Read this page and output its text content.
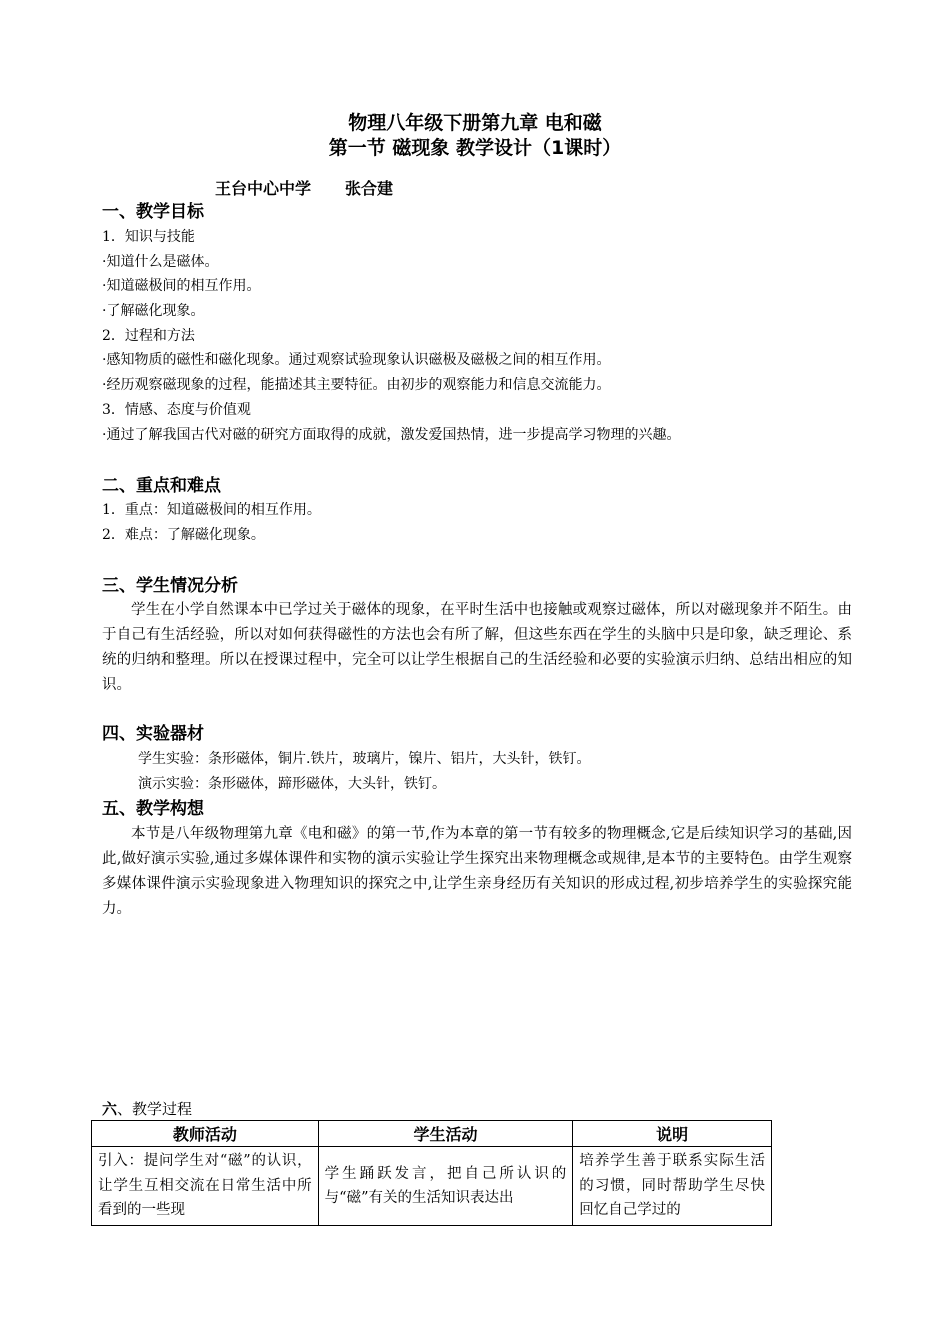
物理八年级下册第九章 电和磁
第一节 磁现象 教学设计（1课时）
王台中心中学 张合建
一、教学目标
1．知识与技能
·知道什么是磁体。
·知道磁极间的相互作用。
·了解磁化现象。
2．过程和方法
·感知物质的磁性和磁化现象。通过观察试验现象认识磁极及磁极之间的相互作用。
·经历观察磁现象的过程，能描述其主要特征。由初步的观察能力和信息交流能力。
3．情感、态度与价值观
·通过了解我国古代对磁的研究方面取得的成就，激发爱国热情，进一步提高学习物理的兴趣。
二、重点和难点
1．重点：知道磁极间的相互作用。
2．难点：了解磁化现象。
三、学生情况分析
学生在小学自然课本中已学过关于磁体的现象，在平时生活中也接触或观察过磁体，所以对磁现象并不陌生。由于自己有生活经验，所以对如何获得磁性的方法也会有所了解，但这些东西在学生的头脑中只是印象，缺乏理论、系统的归纳和整理。所以在授课过程中，完全可以让学生根据自己的生活经验和必要的实验演示归纳、总结出相应的知识。
四、实验器材
学生实验：条形磁体，铜片.铁片，玻璃片，镍片、铝片，大头针，铁钉。
演示实验：条形磁体，蹄形磁体，大头针，铁钉。
五、教学构想
本节是八年级物理第九章《电和磁》的第一节,作为本章的第一节有较多的物理概念,它是后续知识学习的基础,因此,做好演示实验,通过多媒体课件和实物的演示实验让学生探究出来物理概念或规律,是本节的主要特色。由学生观察多媒体课件演示实验现象进入物理知识的探究之中,让学生亲身经历有关知识的形成过程,初步培养学生的实验探究能力。
六、教学过程
教师活动	学生活动	说明
引入：提问学生对“磁”的认识，让学生互相交流在日常生活中所看到的一些现	学生踊跃发言，把自己所认识的与“磁”有关的生活知识表达出	培养学生善于联系实际生活的习惯，同时帮助学生尽快回忆自己学过的
